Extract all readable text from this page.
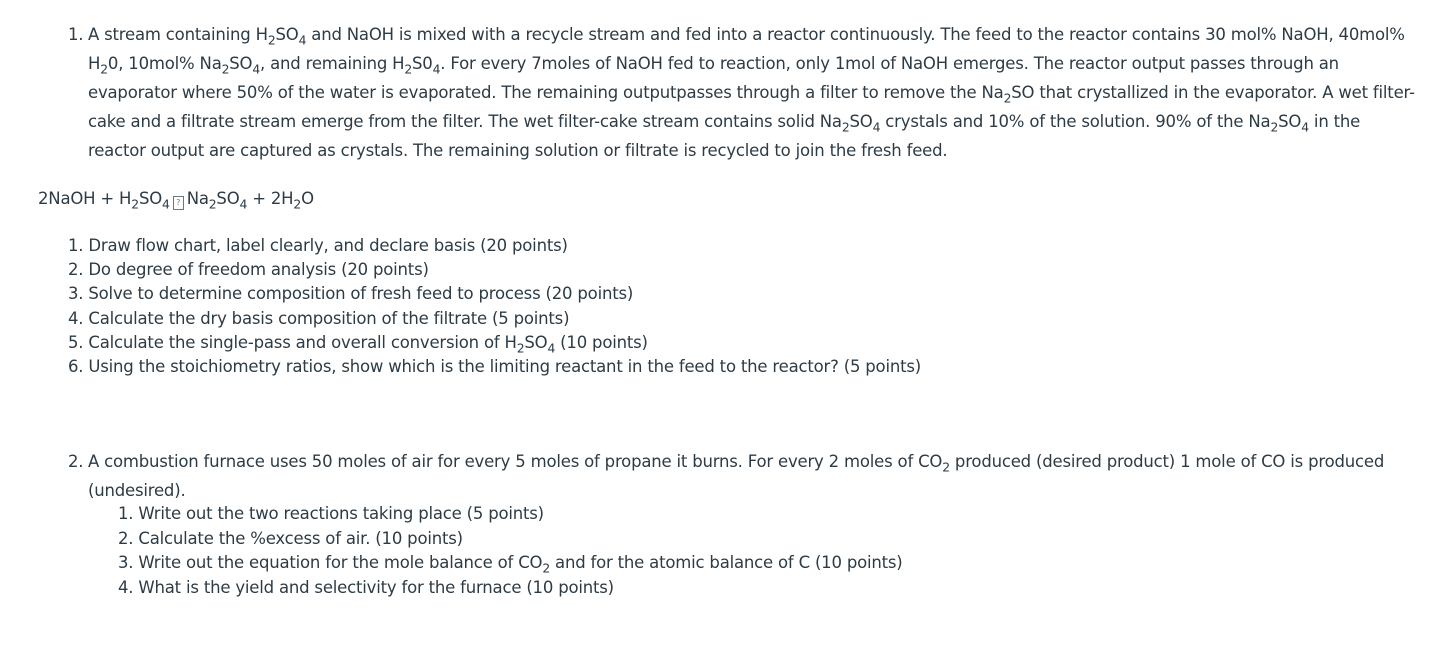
1. A stream containing $H_2SO_4$ and NaOH is mixed with a recycle stream and fed into a reactor continuously. The feed to the reactor contains 30 mol% NaOH, 40mol% $H_20$, 10mol% $Na_2SO_4$, and remaining $H_2S0_4$. For every 7moles of NaOH fed to reaction, only 1mol of NaOH emerges. The reactor output passes through an evaporator where 50% of the water is evaporated. The remaining outputpasses through a filter to remove the $Na_2SO$ that crystallized in the evaporator. A wet filter-cake and a filtrate stream emerge from the filter. The wet filter-cake stream contains solid $Na_2SO_4$ crystals and 10% of the solution. 90% of the $Na_2SO_4$ in the reactor output are captured as crystals. The remaining solution or filtrate is recycled to join the fresh feed.
2NaOH + $H_2SO_4$ ? $Na_2SO_4 + 2H_2O$
1. Draw flow chart, label clearly, and declare basis (20 points)
2. Do degree of freedom analysis (20 points)
3. Solve to determine composition of fresh feed to process (20 points)
4. Calculate the dry basis composition of the filtrate (5 points)
5. Calculate the single-pass and overall conversion of $H_2SO_4$ (10 points)
6. Using the stoichiometry ratios, show which is the limiting reactant in the feed to the reactor? (5 points)
2. A combustion furnace uses 50 moles of air for every 5 moles of propane it burns. For every 2 moles of $CO_2$ produced (desired product) 1 mole of CO is produced (undesired).
1. Write out the two reactions taking place (5 points)
2. Calculate the %excess of air. (10 points)
3. Write out the equation for the mole balance of $CO_2$ and for the atomic balance of C (10 points)
4. What is the yield and selectivity for the furnace (10 points)
